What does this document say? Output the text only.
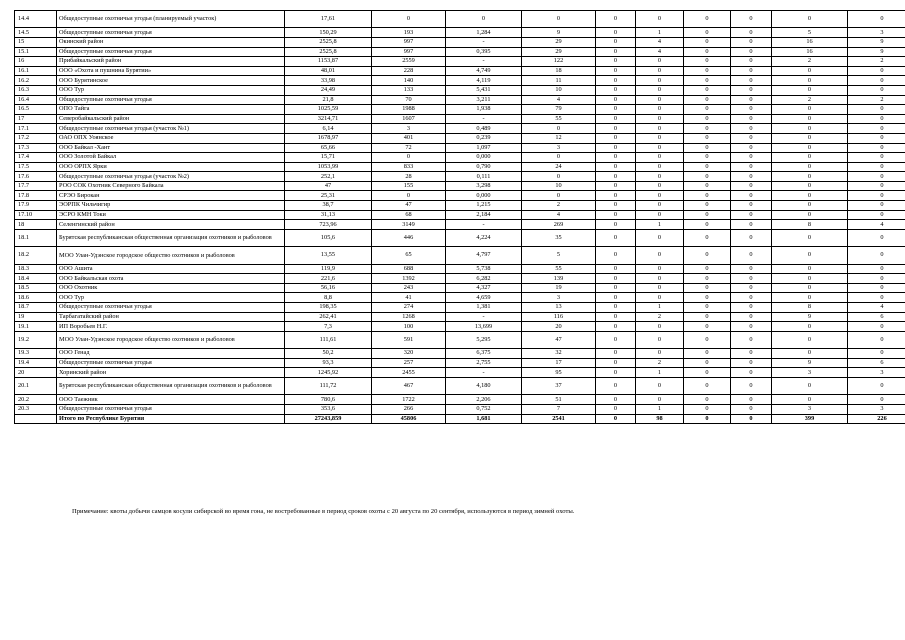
14.4	Общедоступные охотничьи угодья (планируемый участок)	17,61	0	0	0	0	0	0	0	0	0
14.5	Общедоступные охотничьи угодья	150,29	193	1,284	9	0	1	0	0	5	3
15	Окинский район	2525,8	997	-	29	0	4	0	0	16	9
15.1	Общедоступные охотничьи угодья	2525,8	997	0,395	29	0	4	0	0	16	9
16	Прибайкальский район	1153,87	2559	-	122	0	0	0	0	2	2
16.1	ООО «Охота и пушнина Бурятии»	48,01	228	4,749	18	0	0	0	0	0	0
16.2	ООО Бурятинское	33,98	140	4,119	11	0	0	0	0	0	0
16.3	ООО Тур	24,49	133	5,431	10	0	0	0	0	0	0
16.4	Общедоступные охотничьи угодья	21,8	70	3,211	4	0	0	0	0	2	2
16.5	ОПО Тайга	1025,59	1988	1,938	79	0	0	0	0	0	0
17	Северобайкальский район	3214,71	1607	-	55	0	0	0	0	0	0
17.1	Общедоступные охотничьи угодья (участок №1)	6,14	3	0,489	0	0	0	0	0	0	0
17.2	ОАО ОПХ Уоянское	1678,97	401	0,239	12	0	0	0	0	0	0
17.3	ООО Байкал -Хант	65,66	72	1,097	3	0	0	0	0	0	0
17.4	ООО Золотой Байкал	15,71	0	0,000	0	0	0	0	0	0	0
17.5	ООО ОРПХ Ярки	1053,99	833	0,790	24	0	0	0	0	0	0
17.6	Общедоступные охотничьи угодья (участок №2)	252,1	28	0,111	0	0	0	0	0	0	0
17.7	РОО СОК Охотник Северного Байкала	47	155	3,298	10	0	0	0	0	0	0
17.8	СРЭО Бирокан	25,31	0	0,000	0	0	0	0	0	0	0
17.9	ЭОРПК Чильчигир	38,7	47	1,215	2	0	0	0	0	0	0
17.10	ЭСРО КМН Токи	31,13	68	2,184	4	0	0	0	0	0	0
18	Селенгинский район	723,96	3149	-	269	0	1	0	0	8	4
18.1	Бурятская республиканская общественная организация охотников и рыболовов	105,6	446	4,224	35	0	0	0	0	0	0
18.2	МОО Улан-Удэнское городское общество охотников и рыболовов	13,55	65	4,797	5	0	0	0	0	0	0
18.3	ООО Ашита	119,9	688	5,738	55	0	0	0	0	0	0
18.4	ООО Байкальская охота	221,6	1392	6,282	139	0	0	0	0	0	0
18.5	ООО Охотник	56,16	243	4,327	19	0	0	0	0	0	0
18.6	ООО Тур	8,8	41	4,659	3	0	0	0	0	0	0
18.7	Общедоступные охотничьи угодья	198,35	274	1,381	13	0	1	0	0	8	4
19	Тарбагатайский район	262,41	1268	-	116	0	2	0	0	9	6
19.1	ИП Воробьев Н.Г.	7,3	100	13,699	20	0	0	0	0	0	0
19.2	МОО Улан-Удэнское городское общество охотников и рыболовов	111,61	591	5,295	47	0	0	0	0	0	0
19.3	ООО Генад	50,2	320	6,375	32	0	0	0	0	0	0
19.4	Общедоступные охотничьи угодья	93,3	257	2,755	17	0	2	0	0	9	6
20	Хоринский район	1245,92	2455	-	95	0	1	0	0	3	3
20.1	Бурятская республиканская общественная организация охотников и рыболовов	111,72	467	4,180	37	0	0	0	0	0	0
20.2	ООО Таежник	780,6	1722	2,206	51	0	0	0	0	0	0
20.3	Общедоступные охотничьи угодья	353,6	266	0,752	7	0	1	0	0	3	3
	Итого по Республике Бурятия	27243,859	45806	1,681	2541	0	98	0	0	399	226
Примечание: квоты добычи самцов косули сибирской во время гона, не востребованные в период сроков охоты с 20 августа по 20 сентября, используются в период зимней охоты.
